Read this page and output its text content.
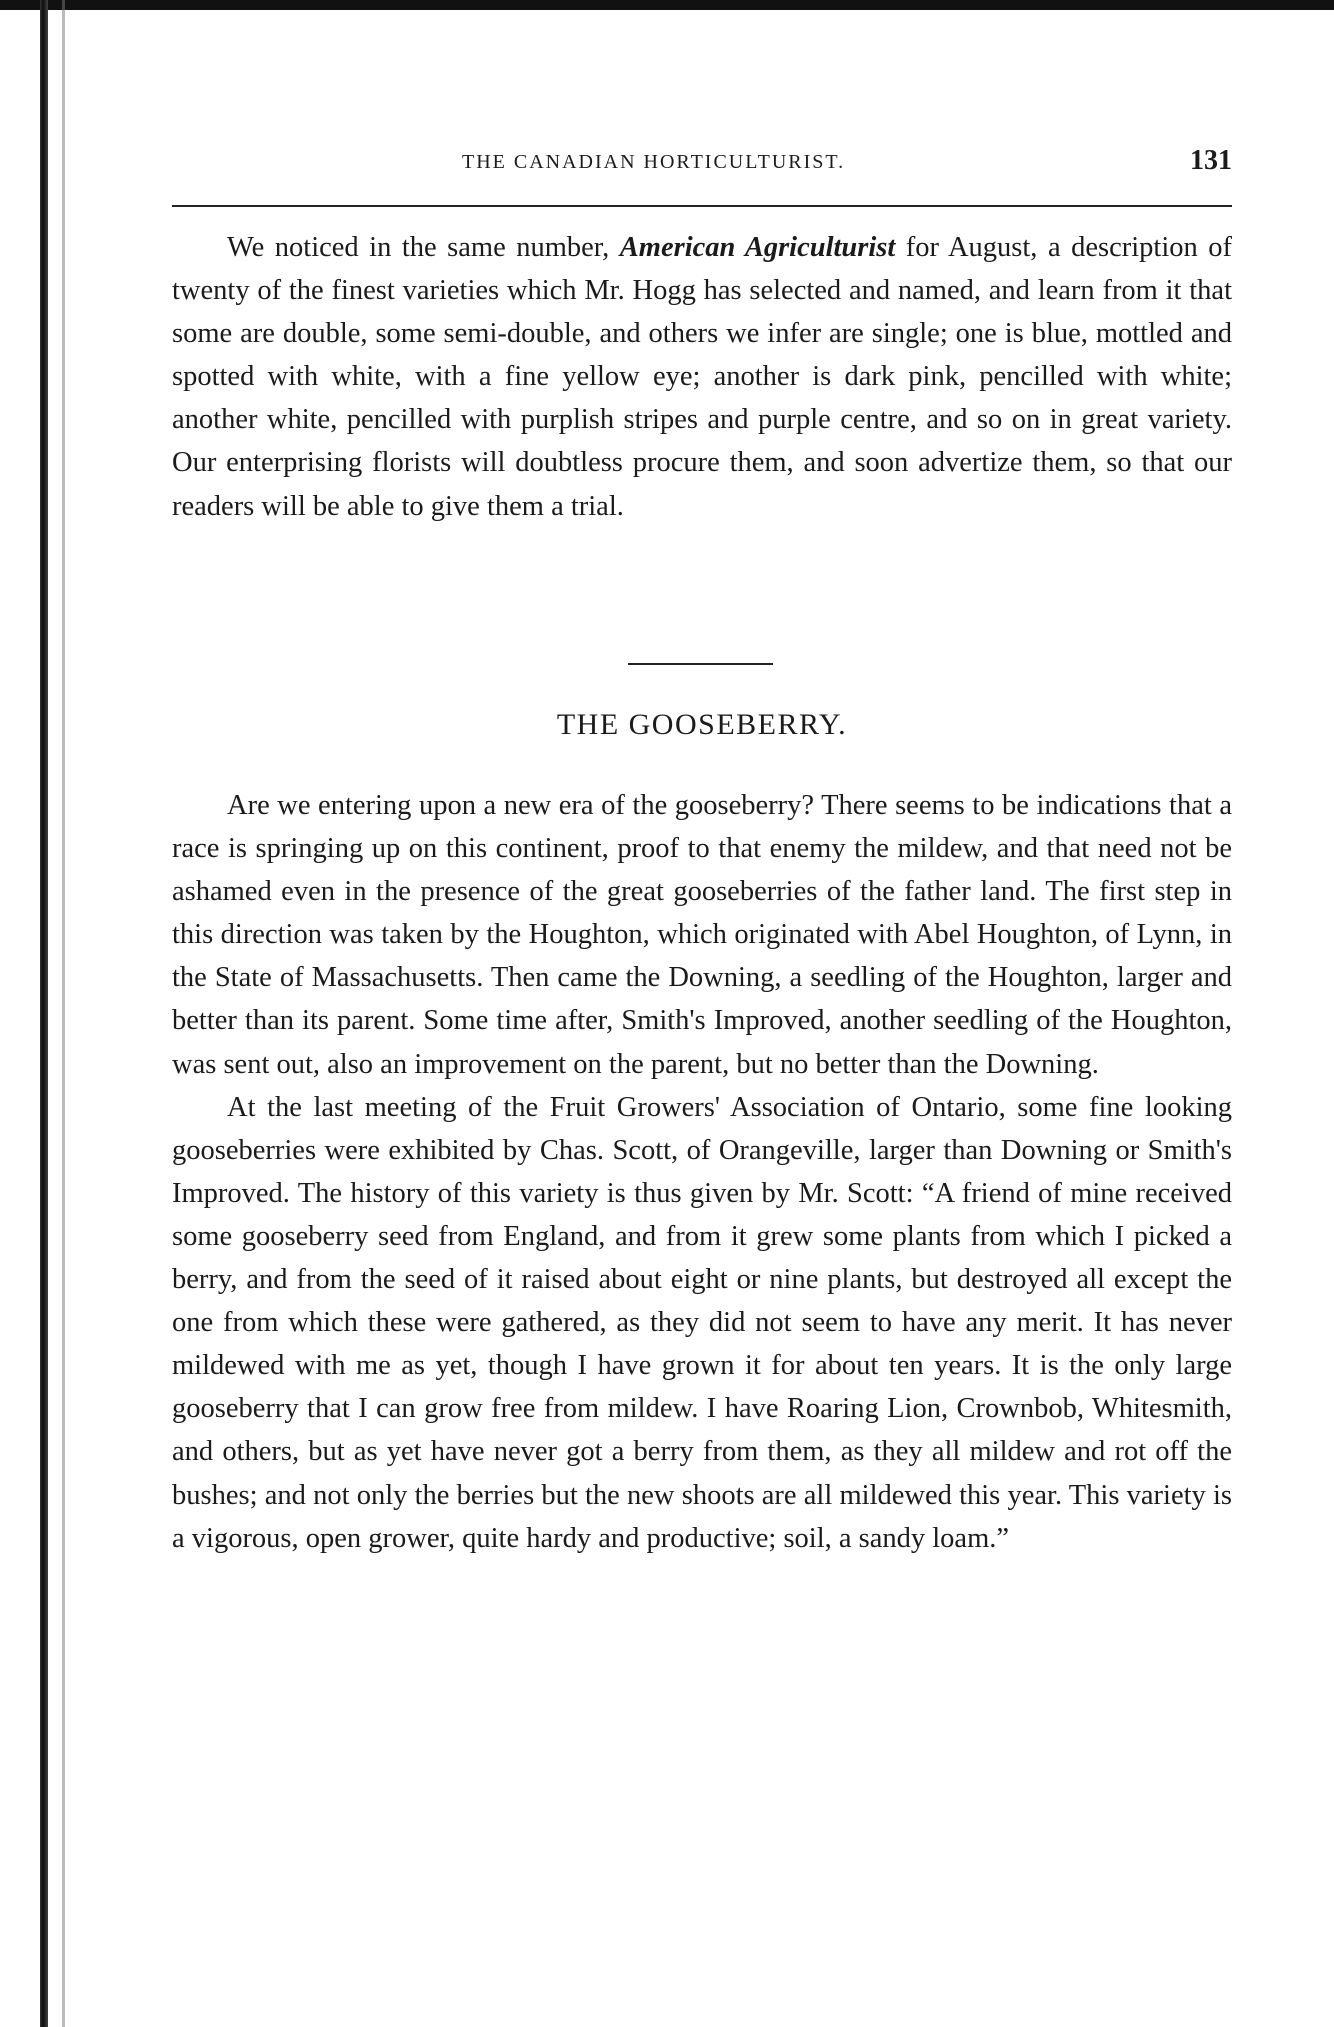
THE CANADIAN HORTICULTURIST.	131

We noticed in the same number, American Agriculturist for August, a description of twenty of the finest varieties which Mr. Hogg has selected and named, and learn from it that some are double, some semi-double, and others we infer are single; one is blue, mottled and spotted with white, with a fine yellow eye; another is dark pink, pencilled with white; another white, pencilled with purplish stripes and purple centre, and so on in great variety. Our enterprising florists will doubtless procure them, and soon advertize them, so that our readers will be able to give them a trial.

THE GOOSEBERRY.

Are we entering upon a new era of the gooseberry? There seems to be indications that a race is springing up on this continent, proof to that enemy the mildew, and that need not be ashamed even in the presence of the great gooseberries of the father land. The first step in this direction was taken by the Houghton, which originated with Abel Houghton, of Lynn, in the State of Massachusetts. Then came the Downing, a seedling of the Houghton, larger and better than its parent. Some time after, Smith's Improved, another seedling of the Houghton, was sent out, also an improvement on the parent, but no better than the Downing.

At the last meeting of the Fruit Growers' Association of Ontario, some fine looking gooseberries were exhibited by Chas. Scott, of Orangeville, larger than Downing or Smith's Improved. The history of this variety is thus given by Mr. Scott: “A friend of mine received some gooseberry seed from England, and from it grew some plants from which I picked a berry, and from the seed of it raised about eight or nine plants, but destroyed all except the one from which these were gathered, as they did not seem to have any merit. It has never mildewed with me as yet, though I have grown it for about ten years. It is the only large gooseberry that I can grow free from mildew. I have Roaring Lion, Crownbob, Whitesmith, and others, but as yet have never got a berry from them, as they all mildew and rot off the bushes; and not only the berries but the new shoots are all mildewed this year. This variety is a vigorous, open grower, quite hardy and productive; soil, a sandy loam.”
